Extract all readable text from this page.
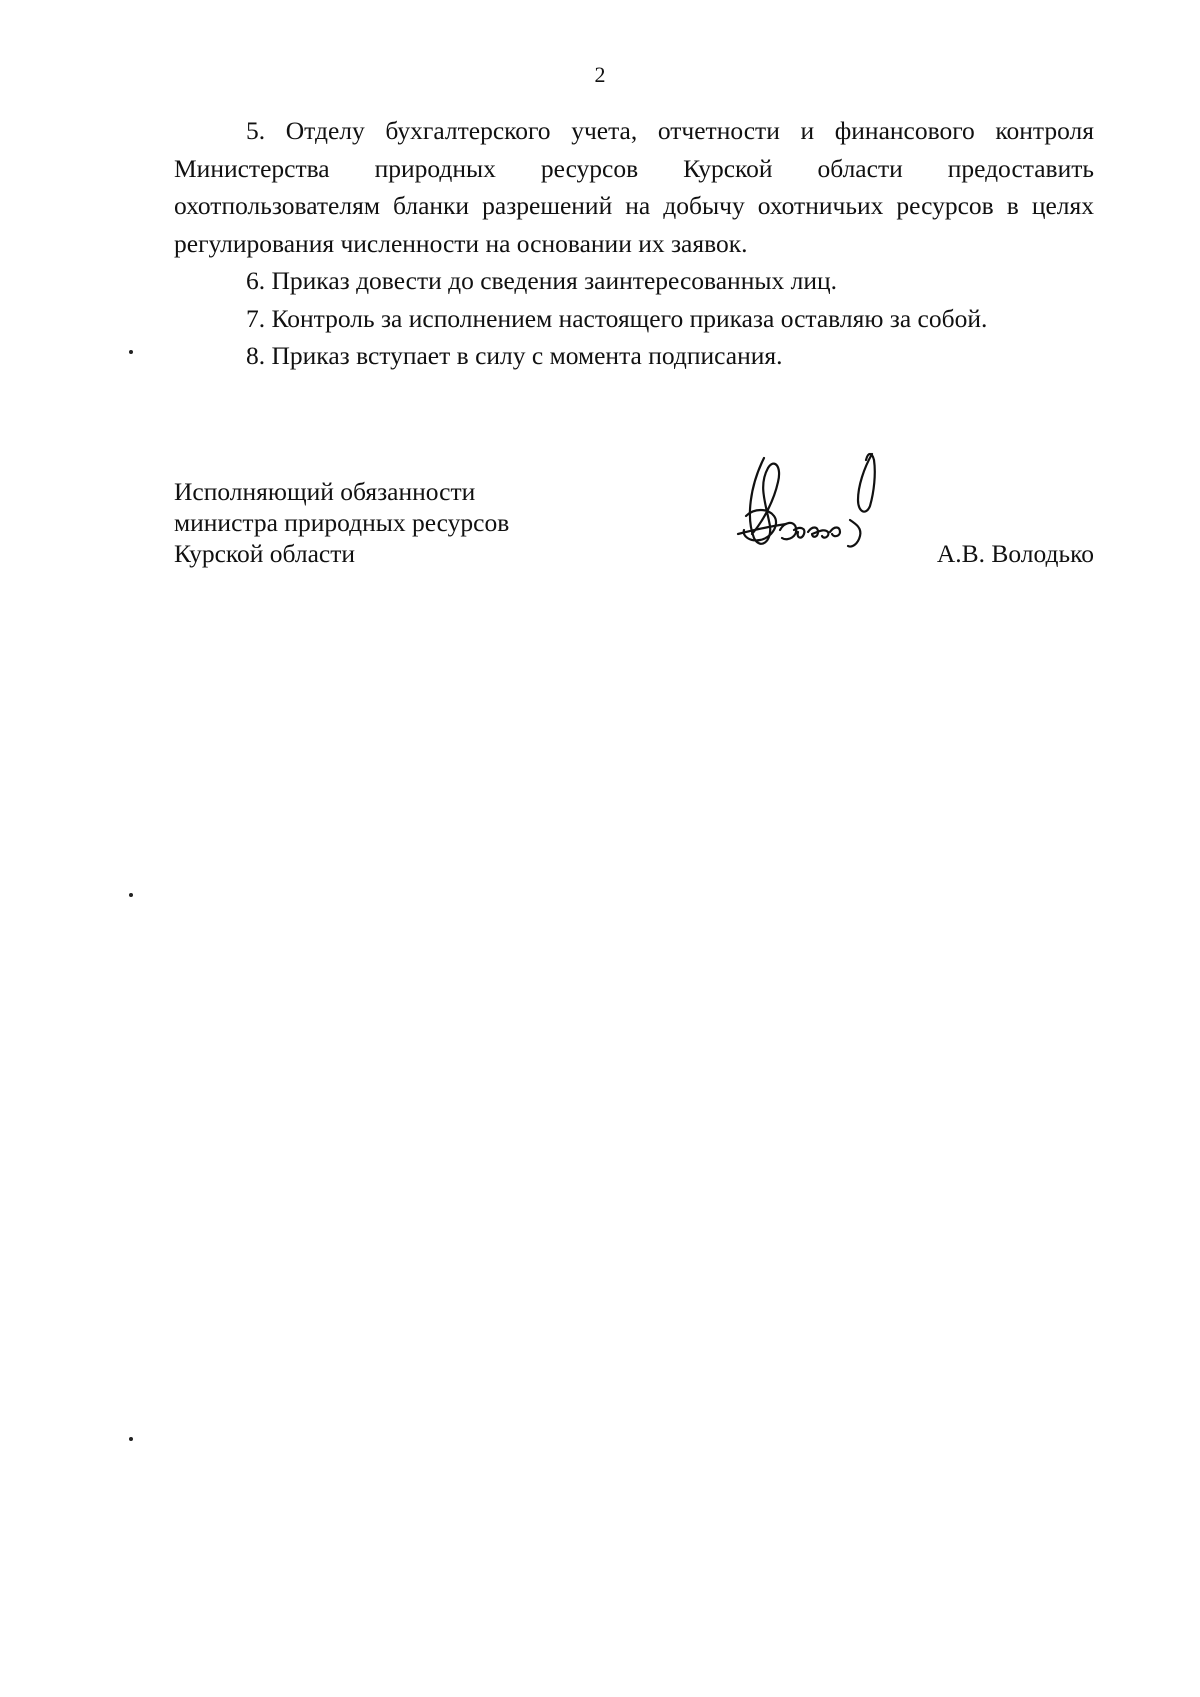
2

5. Отделу бухгалтерского учета, отчетности и финансового контроля Министерства природных ресурсов Курской области предоставить охотпользователям бланки разрешений на добычу охотничьих ресурсов в целях регулирования численности на основании их заявок.

6. Приказ довести до сведения заинтересованных лиц.

7. Контроль за исполнением настоящего приказа оставляю за собой.

8. Приказ вступает в силу с момента подписания.

Исполняющий обязанности
министра природных ресурсов
Курской области	А.В. Володько
